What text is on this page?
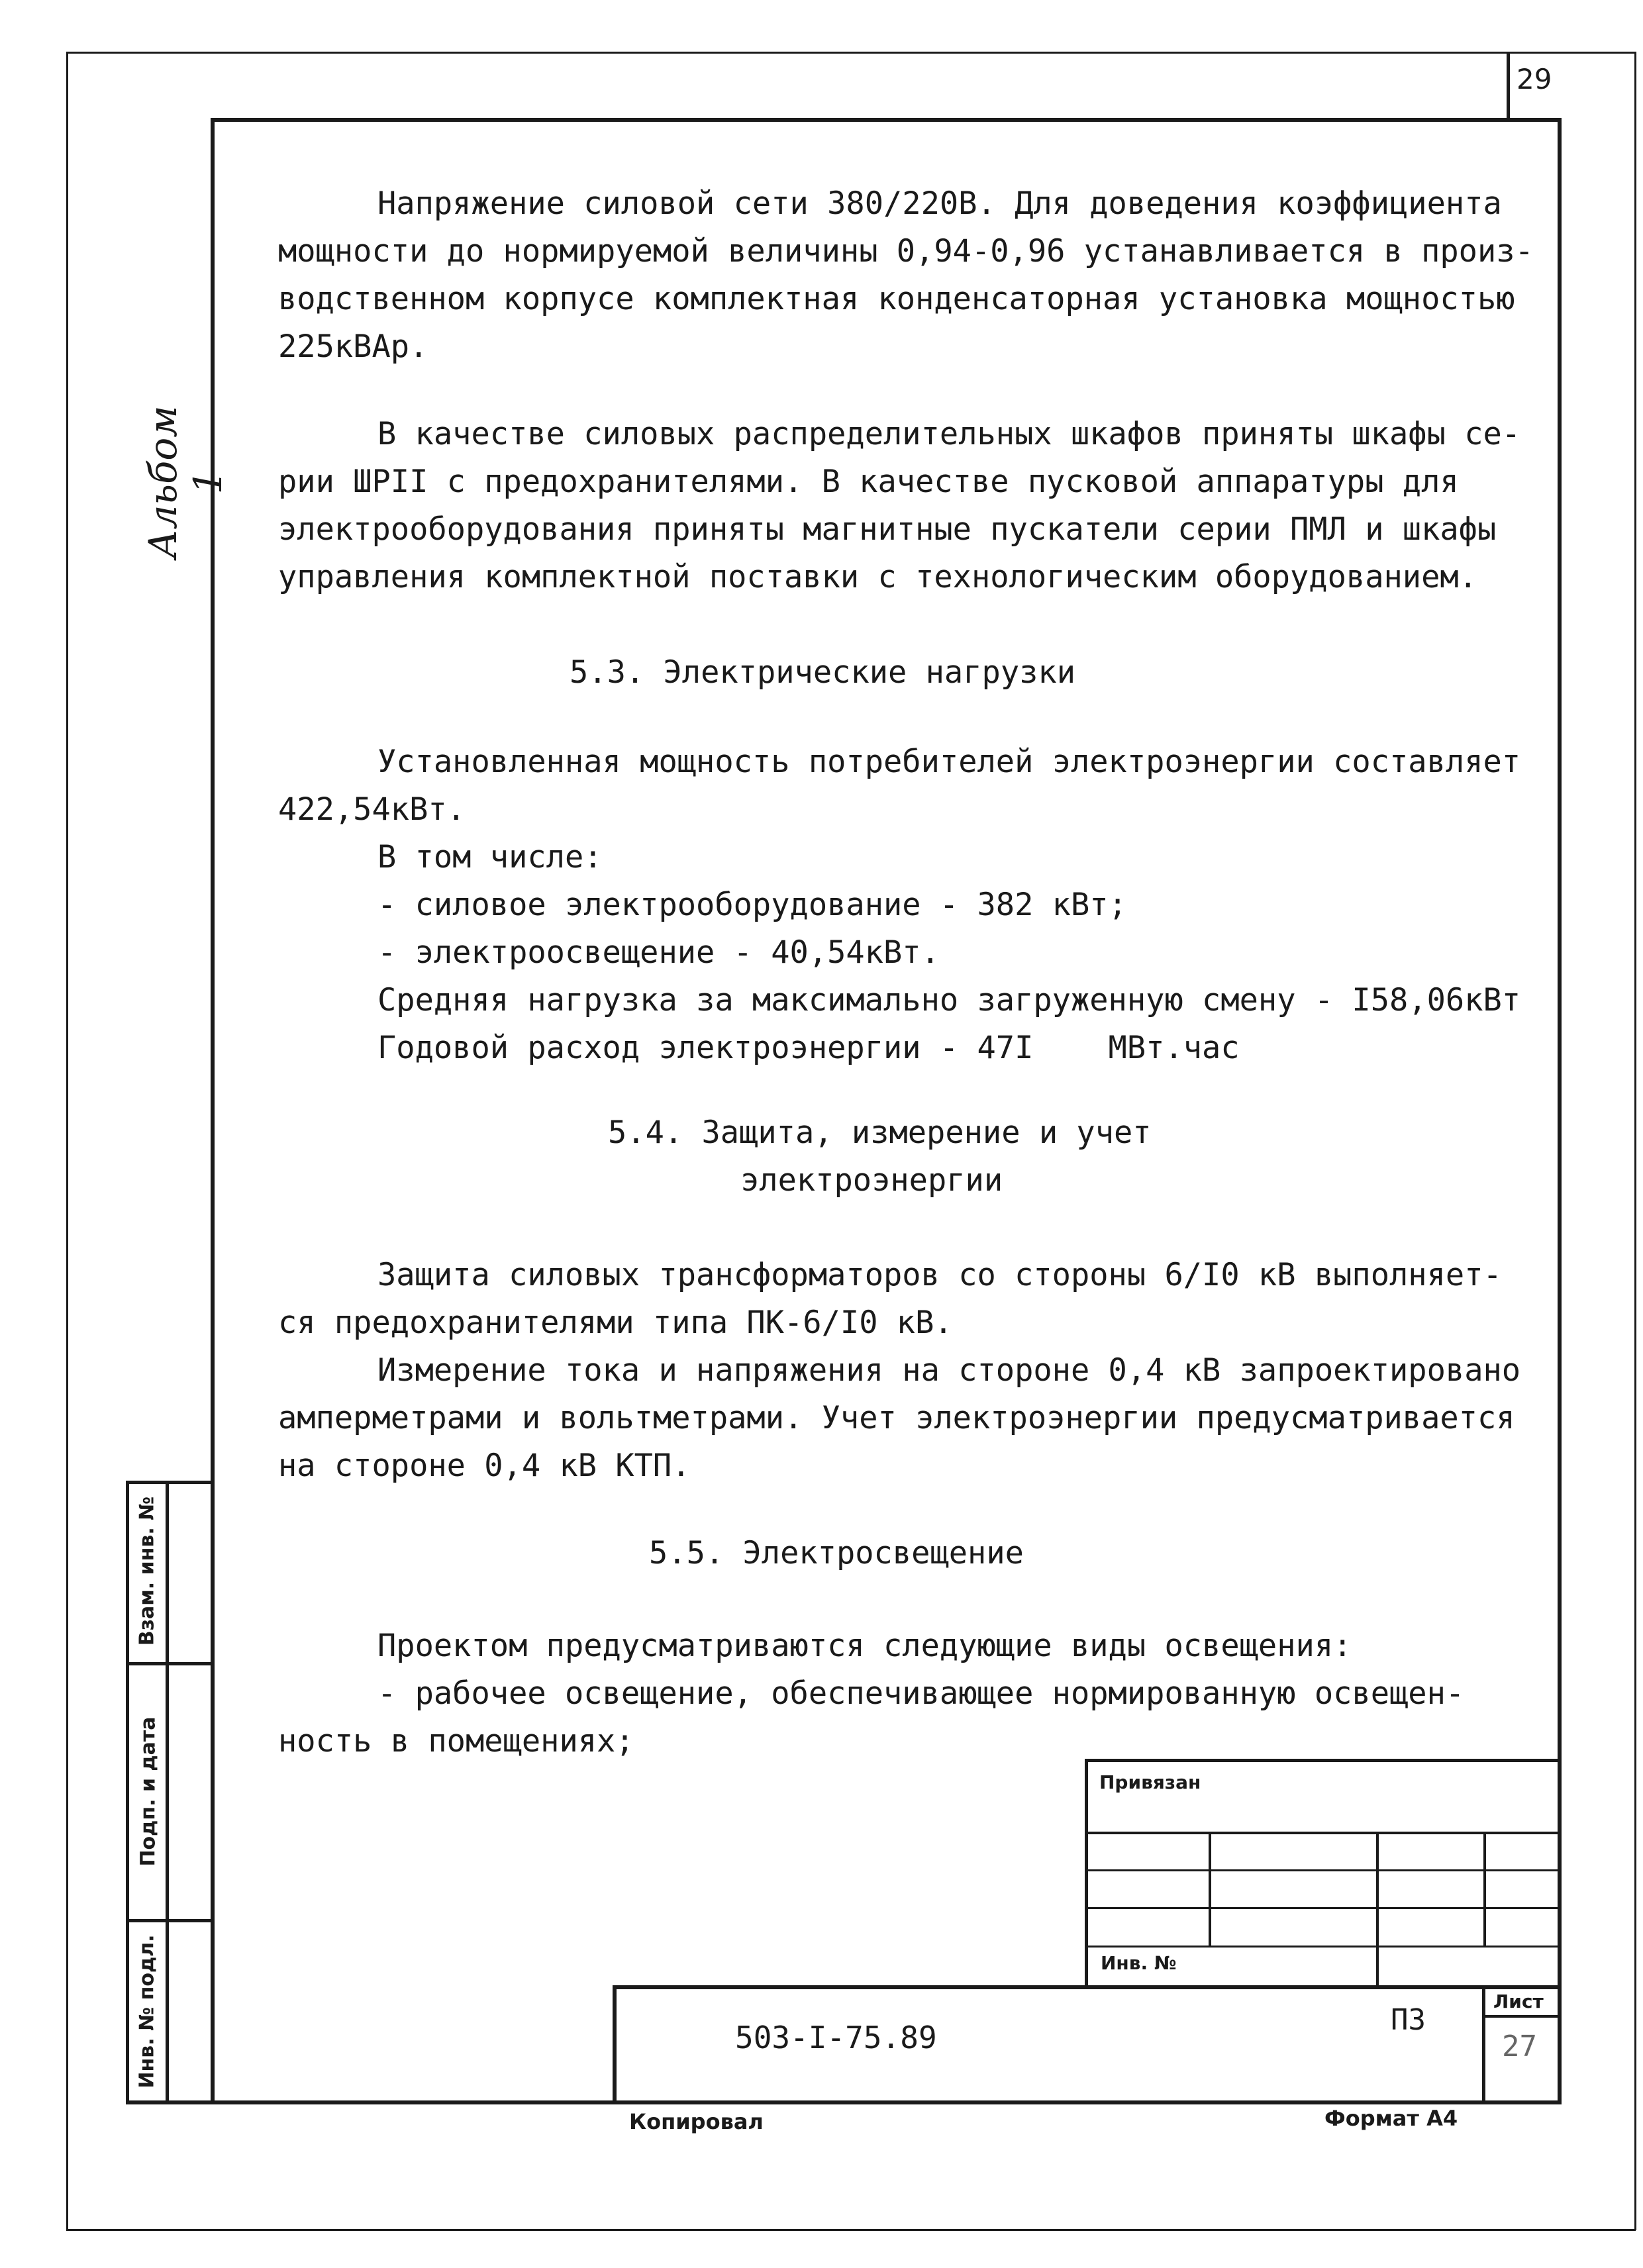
29
Альбом 1
Напряжение силовой сети 380/220В. Для доведения коэффициента
мощности до нормируемой величины 0,94-0,96 устанавливается в произ-
водственном корпусе комплектная конденсаторная установка мощностью
225кВАр.
В качестве силовых распределительных шкафов приняты шкафы се-
рии ШРII с предохранителями. В качестве пусковой аппаратуры для
электрооборудования приняты магнитные пускатели серии ПМЛ и шкафы
управления комплектной поставки с технологическим оборудованием.
5.3. Электрические нагрузки
Установленная мощность потребителей электроэнергии составляет
422,54кВт.
В том числе:
- силовое электрооборудование - 382 кВт;
- электроосвещение - 40,54кВт.
Средняя нагрузка за максимально загруженную смену - I58,06кВт
Годовой расход электроэнергии - 47I    МВт.час
5.4. Защита, измерение и учет
электроэнергии
Защита силовых трансформаторов со стороны 6/I0 кВ выполняет-
ся предохранителями типа ПК-6/I0 кВ.
Измерение тока и напряжения на стороне 0,4 кВ запроектировано
амперметрами и вольтметрами. Учет электроэнергии предусматривается
на стороне 0,4 кВ КТП.
5.5. Электросвещение
Проектом предусматриваются следующие виды освещения:
- рабочее освещение, обеспечивающее нормированную освещен-
ность в помещениях;
Взам. инв. №
Подп. и дата
Инв. № подл.
Привязан
Инв. №
503-I-75.89	ПЗ
Лист
27
Копировал	Формат А4
